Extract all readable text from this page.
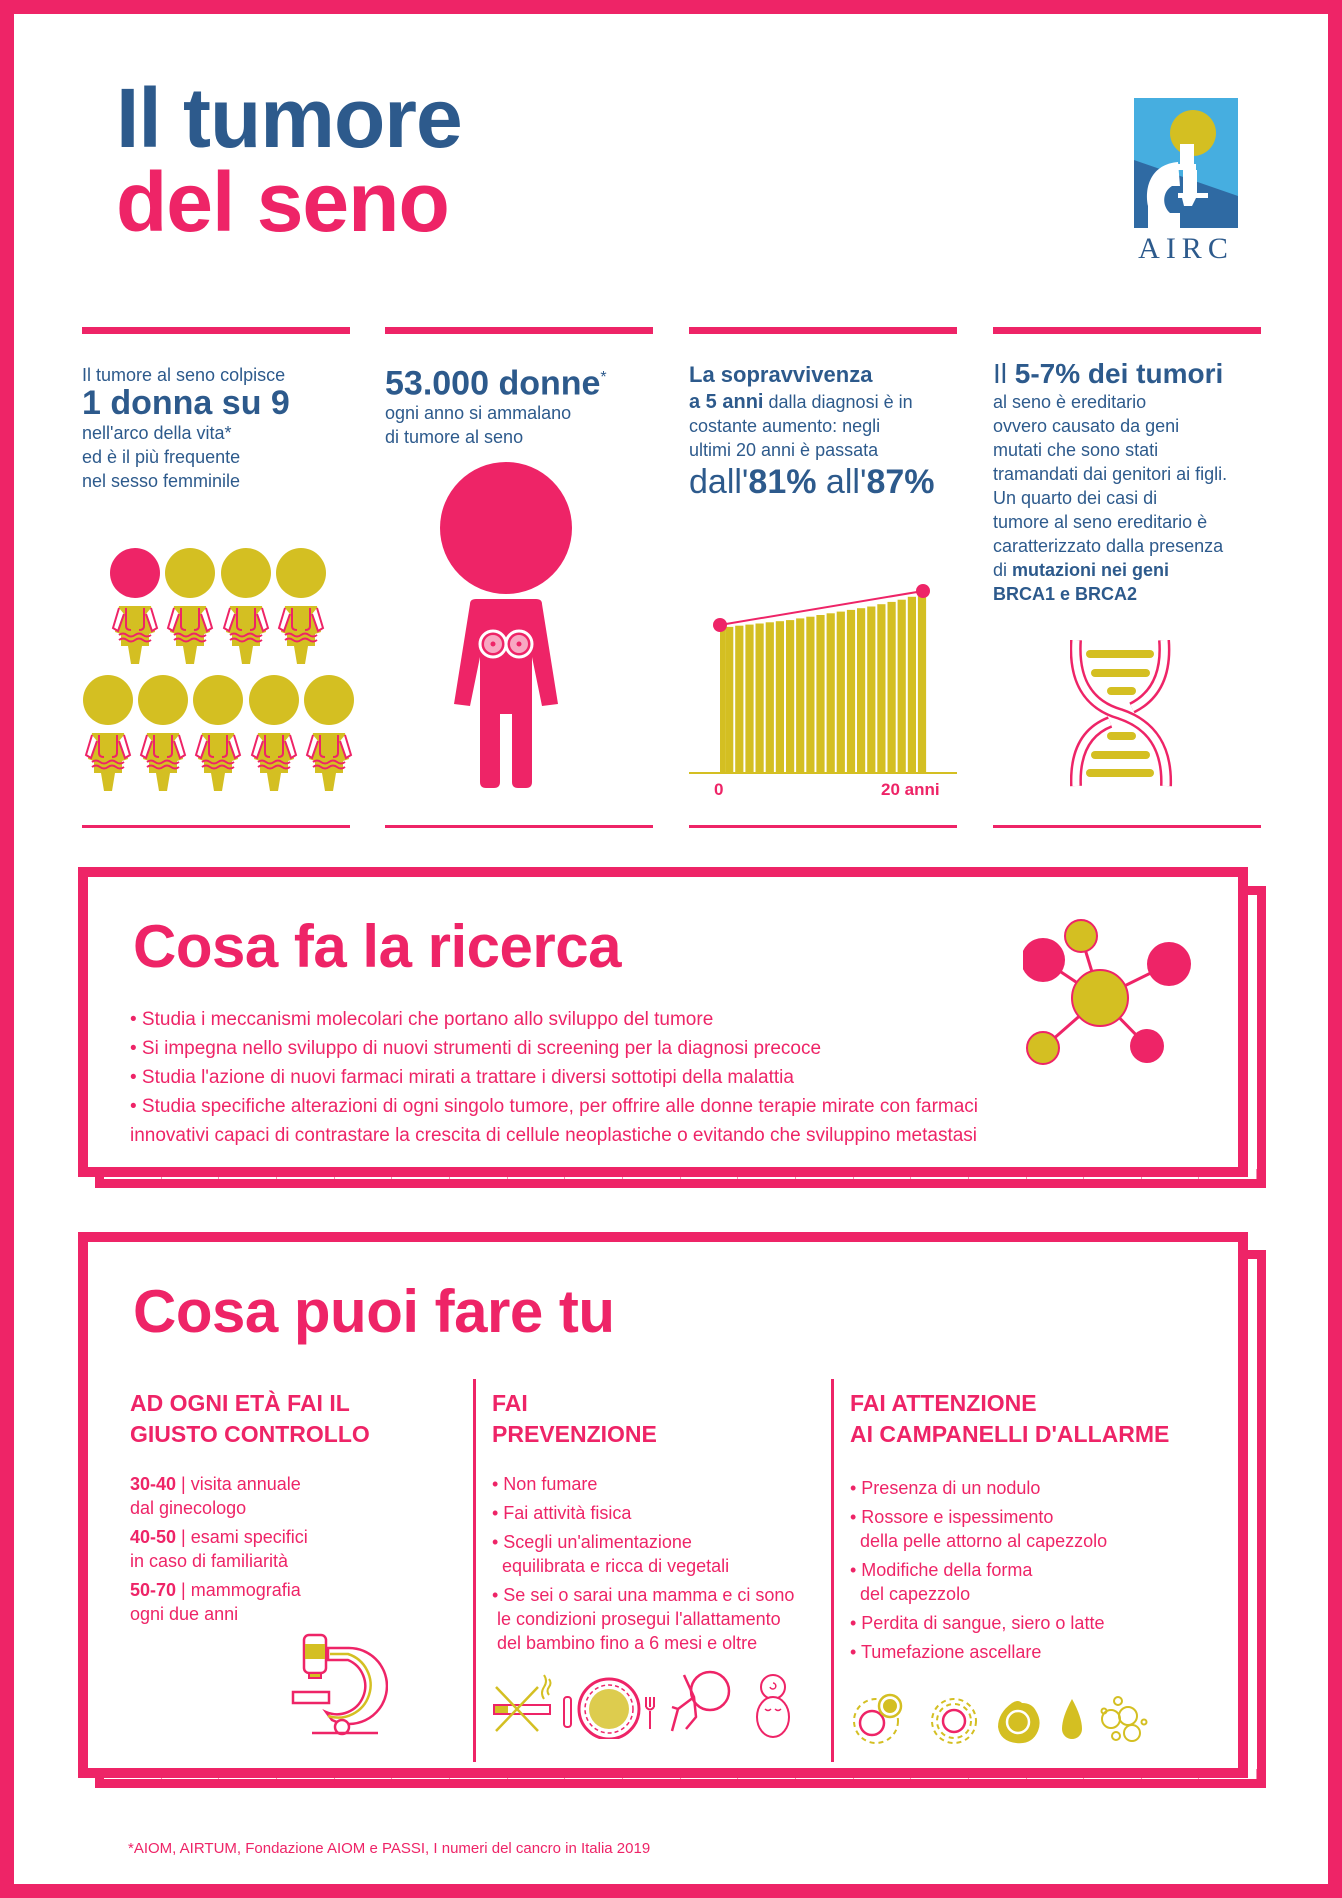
Il tumore
del seno	AIRC
Il tumore al seno colpisce
1 donna su 9
nell'arco della vita*
ed è il più frequente
nel sesso femminile
53.000 donne*
ogni anno si ammalano
di tumore al seno
La sopravvivenza
a 5 anni dalla diagnosi è in
costante aumento: negli
ultimi 20 anni è passata
dall'81% all'87%
0	20 anni
Il 5-7% dei tumori
al seno è ereditario
ovvero causato da geni
mutati che sono stati
tramandati dai genitori ai figli.
Un quarto dei casi di
tumore al seno ereditario è
caratterizzato dalla presenza
di mutazioni nei geni
BRCA1 e BRCA2
Cosa fa la ricerca

• Studia i meccanismi molecolari che portano allo sviluppo del tumore

• Si impegna nello sviluppo di nuovi strumenti di screening per la diagnosi precoce

• Studia l'azione di nuovi farmaci mirati a trattare i diversi sottotipi della malattia

• Studia specifiche alterazioni di ogni singolo tumore, per offrire alle donne terapie mirate con farmaci

innovativi capaci di contrastare la crescita di cellule neoplastiche o evitando che sviluppino metastasi

Cosa puoi fare tu
AD OGNI ETÀ FAI IL
GIUSTO CONTROLLO

30-40 | visita annuale
dal ginecologo

40-50 | esami specifici
in caso di familiarità

50-70 | mammografia
ogni due anni

FAI
PREVENZIONE

• Non fumare

• Fai attività fisica

• Scegli un'alimentazione
equilibrata e ricca di vegetali

• Se sei o sarai una mamma e ci sono
le condizioni prosegui l'allattamento
del bambino fino a 6 mesi e oltre

FAI ATTENZIONE
AI CAMPANELLI D'ALLARME

• Presenza di un nodulo

• Rossore e ispessimento
della pelle attorno al capezzolo

• Modifiche della forma
del capezzolo

• Perdita di sangue, siero o latte

• Tumefazione ascellare

*AIOM, AIRTUM, Fondazione AIOM e PASSI, I numeri del cancro in Italia 2019
